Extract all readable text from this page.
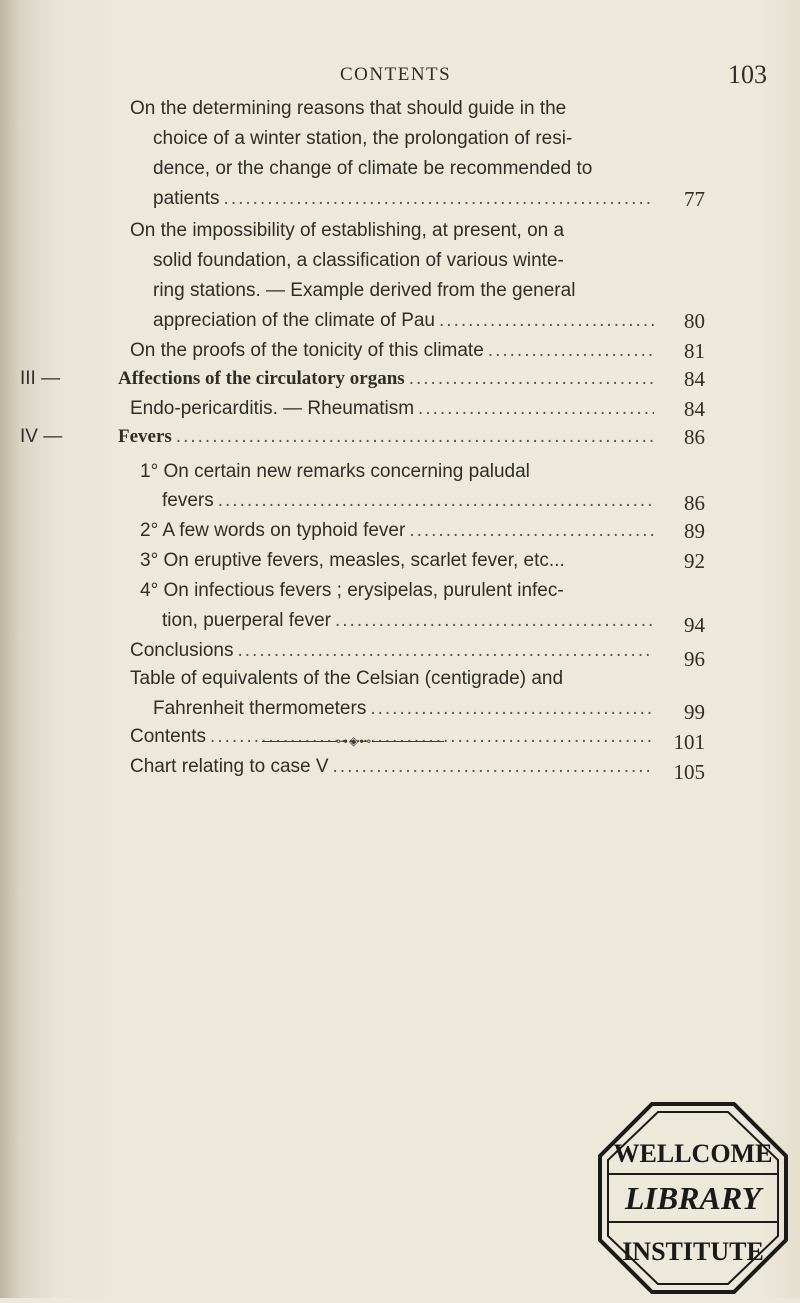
CONTENTS	103
On the determining reasons that should guide in the
choice of a winter station, the prolongation of resi-
dence, or the change of climate be recommended to
patients .....	77
On the impossibility of establishing, at present, on a
solid foundation, a classification of various winte-
ring stations. — Example derived from the general
appreciation of the climate of Pau .....	80
On the proofs of the tonicity of this climate .....	81
III —	Affections of the circulatory organs .....	84
Endo-pericarditis. — Rheumatism .....	84
IV —	Fevers .....	86
1° On certain new remarks concerning paludal
fevers .....	86
2° A few words on typhoid fever .....	89
3° On eruptive fevers, measles, scarlet fever, etc...	92
4° On infectious fevers ; erysipelas, purulent infec-
tion, puerperal fever .....	94
Conclusions .....	96
Table of equivalents of the Celsian (centigrade) and
Fahrenheit thermometers .....	99
Contents .....	101
Chart relating to case V .....	105
⊶◈⊷
WELLCOME
LIBRARY
INSTITUTE
